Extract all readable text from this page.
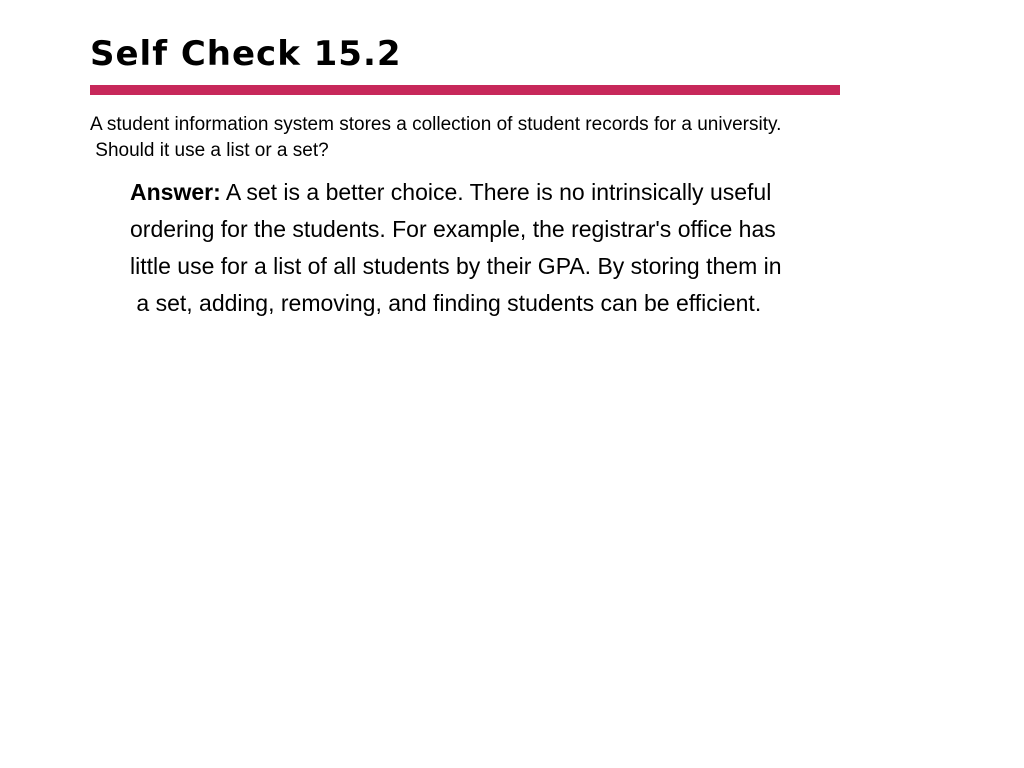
Self Check 15.2
A student information system stores a collection of student records for a university.
Should it use a list or a set?
Answer: A set is a better choice. There is no intrinsically useful
ordering for the students. For example, the registrar's office has
little use for a list of all students by their GPA. By storing them in
a set, adding, removing, and finding students can be efficient.
